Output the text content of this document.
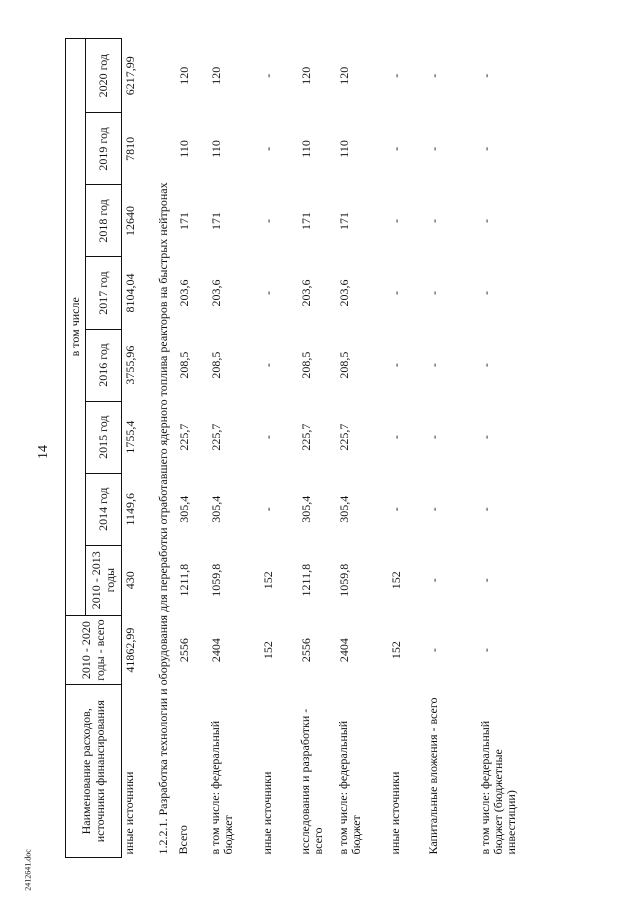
14
2412641.doc
Наименование расходов, источники финансирования	2010 - 2020 годы - всего	в том числе							
		2010 - 2013 годы	2014 год	2015 год	2016 год	2017 год	2018 год	2019 год	2020 год
иные источники	41862,99	430	1149,6	1755,4	3755,96	8104,04	12640	7810	6217,99
1.2.2.1. Разработка технологии и оборудования для переработки отработавшего ядерного топлива реакторов на быстрых нейтронах									
Всего	2556	1211,8	305,4	225,7	208,5	203,6	171	110	120
в том числе: федеральный бюджет	2404	1059,8	305,4	225,7	208,5	203,6	171	110	120
иные источники	152	152	-	-	-	-	-	-	-
исследования и разработки - всего	2556	1211,8	305,4	225,7	208,5	203,6	171	110	120
в том числе: федеральный бюджет	2404	1059,8	305,4	225,7	208,5	203,6	171	110	120
иные источники	152	152	-	-	-	-	-	-	-
Капитальные вложения - всего	-	-	-	-	-	-	-	-	-
в том числе: федеральный бюджет (бюджетные инвестиции)	-	-	-	-	-	-	-	-	-
